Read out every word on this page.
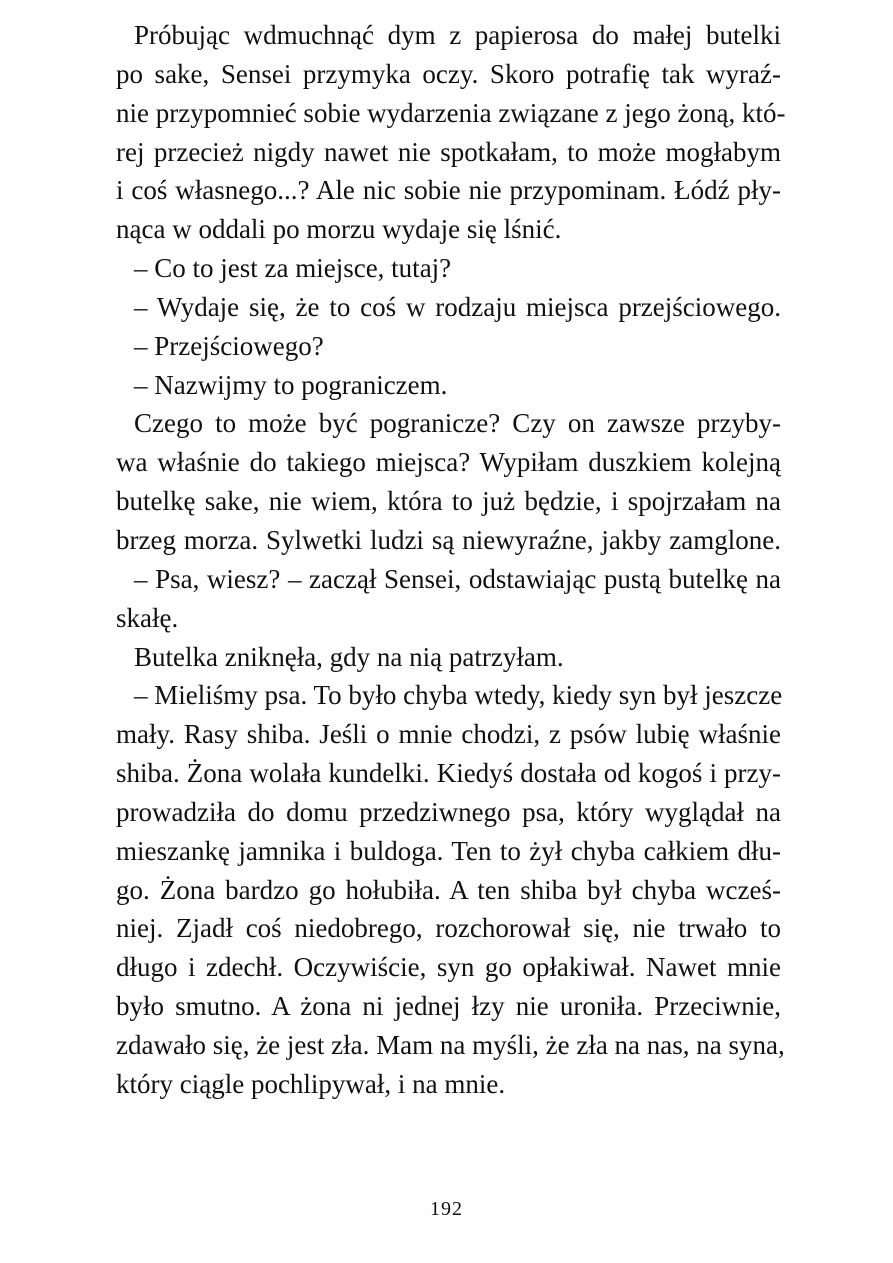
Próbując wdmuchnąć dym z papierosa do małej butelki
po sake, Sensei przymyka oczy. Skoro potrafię tak wyraź-
nie przypomnieć sobie wydarzenia związane z jego żoną, któ-
rej przecież nigdy nawet nie spotkałam, to może mogłabym
i coś własnego...? Ale nic sobie nie przypominam. Łódź pły-
nąca w oddali po morzu wydaje się lśnić.
– Co to jest za miejsce, tutaj?
– Wydaje się, że to coś w rodzaju miejsca przejściowego.
– Przejściowego?
– Nazwijmy to pograniczem.
Czego to może być pogranicze? Czy on zawsze przyby-
wa właśnie do takiego miejsca? Wypiłam duszkiem kolejną
butelkę sake, nie wiem, która to już będzie, i spojrzałam na
brzeg morza. Sylwetki ludzi są niewyraźne, jakby zamglone.
– Psa, wiesz? – zaczął Sensei, odstawiając pustą butelkę na
skałę.
Butelka zniknęła, gdy na nią patrzyłam.
– Mieliśmy psa. To było chyba wtedy, kiedy syn był jeszcze
mały. Rasy shiba. Jeśli o mnie chodzi, z psów lubię właśnie
shiba. Żona wolała kundelki. Kiedyś dostała od kogoś i przy-
prowadziła do domu przedziwnego psa, który wyglądał na
mieszankę jamnika i buldoga. Ten to żył chyba całkiem dłu-
go. Żona bardzo go hołubiła. A ten shiba był chyba wcześ-
niej. Zjadł coś niedobrego, rozchorował się, nie trwało to
długo i zdechł. Oczywiście, syn go opłakiwał. Nawet mnie
było smutno. A żona ni jednej łzy nie uroniła. Przeciwnie,
zdawało się, że jest zła. Mam na myśli, że zła na nas, na syna,
który ciągle pochlipywał, i na mnie.
192
